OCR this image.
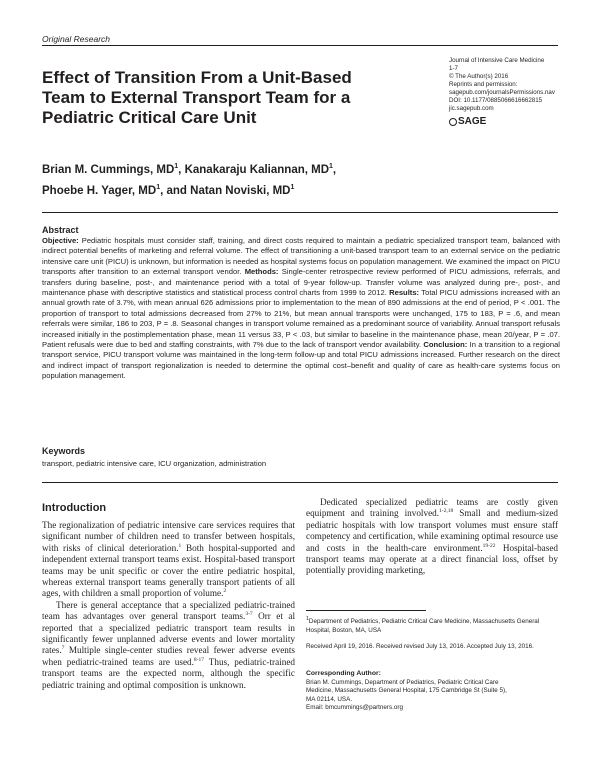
Original Research
Effect of Transition From a Unit-Based Team to External Transport Team for a Pediatric Critical Care Unit
Journal of Intensive Care Medicine
1-7
© The Author(s) 2016
Reprints and permission:
sagepub.com/journalsPermissions.nav
DOI: 10.1177/0885066616662815
jic.sagepub.com
SAGE
Brian M. Cummings, $MD^1$, Kanakaraju Kaliannan, $MD^1$,
Phoebe H. Yager, $MD^1$, and Natan Noviski, $MD^1$
Abstract
Objective: Pediatric hospitals must consider staff, training, and direct costs required to maintain a pediatric specialized transport team, balanced with indirect potential benefits of marketing and referral volume. The effect of transitioning a unit-based transport team to an external service on the pediatric intensive care unit (PICU) is unknown, but information is needed as hospital systems focus on population management. We examined the impact on PICU transports after transition to an external transport vendor. Methods: Single-center retrospective review performed of PICU admissions, referrals, and transfers during baseline, post-, and maintenance period with a total of 9-year follow-up. Transfer volume was analyzed during pre-, post-, and maintenance phase with descriptive statistics and statistical process control charts from 1999 to 2012. Results: Total PICU admissions increased with an annual growth rate of 3.7%, with mean annual 626 admissions prior to implementation to the mean of 890 admissions at the end of period, P < .001. The proportion of transport to total admissions decreased from 27% to 21%, but mean annual transports were unchanged, 175 to 183, P = .6, and mean referrals were similar, 186 to 203, P = .8. Seasonal changes in transport volume remained as a predominant source of variability. Annual transport refusals increased initially in the postimplementation phase, mean 11 versus 33, P < .03, but similar to baseline in the maintenance phase, mean 20/year, P = .07. Patient refusals were due to bed and staffing constraints, with 7% due to the lack of transport vendor availability. Conclusion: In a transition to a regional transport service, PICU transport volume was maintained in the long-term follow-up and total PICU admissions increased. Further research on the direct and indirect impact of transport regionalization is needed to determine the optimal cost–benefit and quality of care as health-care systems focus on population management.
Keywords
transport, pediatric intensive care, ICU organization, administration
Introduction

The regionalization of pediatric intensive care services requires that significant number of children need to transfer between hospitals, with risks of clinical deterioration.$^1$ Both hospital-supported and independent external transport teams exist. Hospital-based transport teams may be unit specific or cover the entire pediatric hospital, whereas external transport teams generally transport patients of all ages, with children a small proportion of volume.$^2$

There is general acceptance that a specialized pediatric-trained team has advantages over general transport teams.$^{3-7}$ Orr et al reported that a specialized pediatric transport team results in significantly fewer unplanned adverse events and lower mortality rates.$^7$ Multiple single-center studies reveal fewer adverse events when pediatric-trained teams are used.$^{8-17}$ Thus, pediatric-trained transport teams are the expected norm, although the specific pediatric training and optimal composition is unknown.

Dedicated specialized pediatric teams are costly given equipment and training involved.$^{1-2,18}$ Small and medium-sized pediatric hospitals with low transport volumes must ensure staff competency and certification, while examining optimal resource use and costs in the health-care environment.$^{19-22}$ Hospital-based transport teams may operate at a direct financial loss, offset by potentially providing marketing,

$^1$Department of Pediatrics, Pediatric Critical Care Medicine, Massachusetts General Hospital, Boston, MA, USA
Received April 19, 2016. Received revised July 13, 2016. Accepted July 13, 2016.
Corresponding Author:
Brian M. Cummings, Department of Pediatrics, Pediatric Critical Care
Medicine, Massachusetts General Hospital, 175 Cambridge St (Suite 5),
MA 02114, USA.
Email: bmcummings@partners.org
